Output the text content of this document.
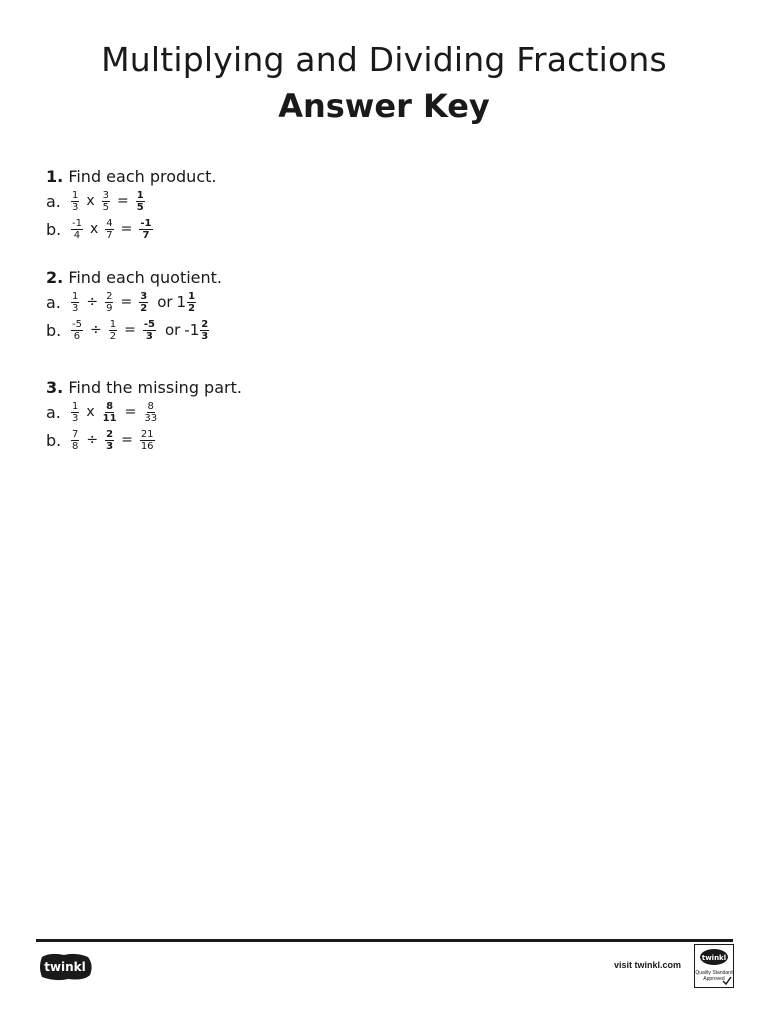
Multiplying and Dividing Fractions
Answer Key
1. Find each product.
a.	$\frac{1}{3}$ x $\frac{3}{5} = \frac{1}{5}$
b. $\frac{-1}{4}$ x $\frac{4}{7} = \frac{-1}{7}$
2. Find each quotient.
a.	$\frac{1}{3} \div \frac{2}{9} = \frac{3}{2}$ or $1 \frac{1}{2}$
b. $\frac{-5}{6} \div \frac{1}{2} = \frac{-5}{3}$ or $-1 \frac{2}{3}$
3. Find the missing part.
a.	$\frac{1}{3}$ x $\frac{8}{11} = \frac{8}{33}$
b. $\frac{7}{8} \div \frac{2}{3} = \frac{21}{16}$
twinkl	visit twinkl.com
twinkl
Quality Standard
Approved
